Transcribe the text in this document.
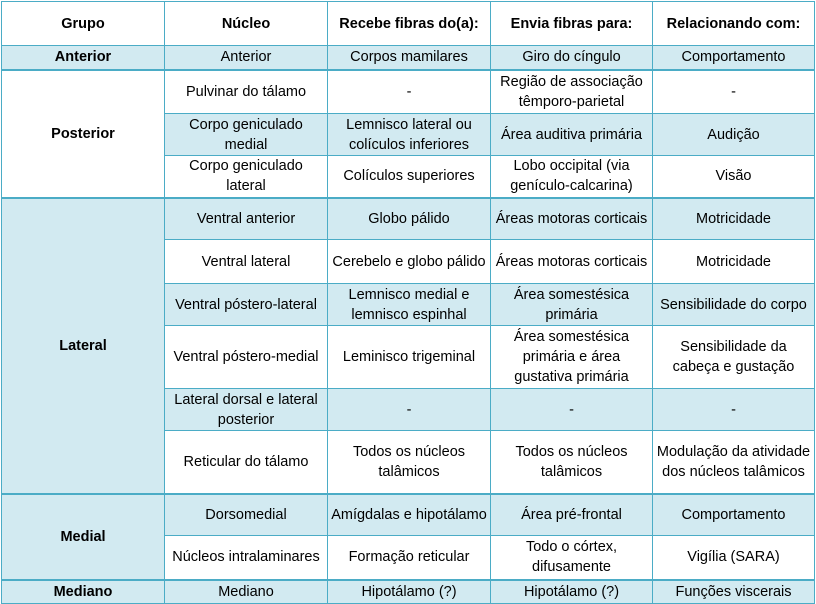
Grupo	Núcleo	Recebe fibras do(a):	Envia fibras para:	Relacionando com:
Anterior	Anterior	Corpos mamilares	Giro do cíngulo	Comportamento
Posterior	Pulvinar do tálamo	-	Região de associação têmporo-parietal	-
	Corpo geniculado medial	Lemnisco lateral ou colículos inferiores	Área auditiva primária	Audição
	Corpo geniculado lateral	Colículos superiores	Lobo occipital (via genículo-calcarina)	Visão
Lateral	Ventral anterior	Globo pálido	Áreas motoras corticais	Motricidade
	Ventral lateral	Cerebelo e globo pálido	Áreas motoras corticais	Motricidade
	Ventral póstero-lateral	Lemnisco medial e lemnisco espinhal	Área somestésica primária	Sensibilidade do corpo
	Ventral póstero-medial	Leminisco trigeminal	Área somestésica primária e área gustativa primária	Sensibilidade da cabeça e gustação
	Lateral dorsal e lateral posterior	-	-	-
	Reticular do tálamo	Todos os núcleos talâmicos	Todos os núcleos talâmicos	Modulação da atividade dos núcleos talâmicos
Medial	Dorsomedial	Amígdalas e hipotálamo	Área pré-frontal	Comportamento
	Núcleos intralaminares	Formação reticular	Todo o córtex, difusamente	Vigília (SARA)
Mediano	Mediano	Hipotálamo (?)	Hipotálamo (?)	Funções viscerais
